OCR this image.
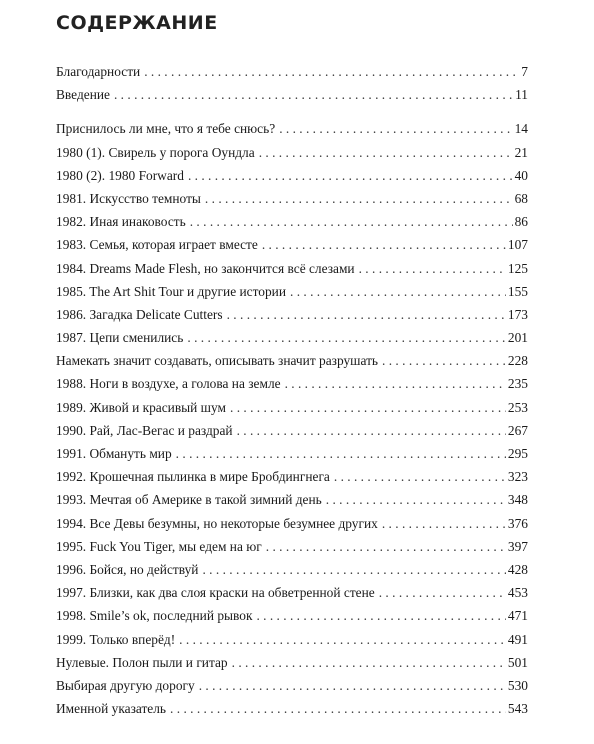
СОДЕРЖАНИЕ
Благодарности . . .	7
Введение . . .	11
Приснилось ли мне, что я тебе снюсь? . . .	14
1980 (1). Свирель у порога Оундла . . .	21
1980 (2). 1980 Forward . . .	40
1981. Искусство темноты . . .	68
1982. Иная инаковость . . .	86
1983. Семья, которая играет вместе . . .	107
1984. Dreams Made Flesh, но закончится всё слезами . . .	125
1985. The Art Shit Tour и другие истории . . .	155
1986. Загадка Delicate Cutters . . .	173
1987. Цепи сменились . . .	201
Намекать значит создавать, описывать значит разрушать . . .	228
1988. Ноги в воздухе, а голова на земле . . .	235
1989. Живой и красивый шум . . .	253
1990. Рай, Лас-Вегас и раздрай . . .	267
1991. Обмануть мир . . .	295
1992. Крошечная пылинка в мире Бробдингнега . . .	323
1993. Мечтая об Америке в такой зимний день . . .	348
1994. Все Девы безумны, но некоторые безумнее других . . .	376
1995. Fuck You Tiger, мы едем на юг . . .	397
1996. Бойся, но действуй . . .	428
1997. Близки, как два слоя краски на обветренной стене . . .	453
1998. Smile’s ok, последний рывок . . .	471
1999. Только вперёд! . . .	491
Нулевые. Полон пыли и гитар . . .	501
Выбирая другую дорогу . . .	530
Именной указатель . . .	543
